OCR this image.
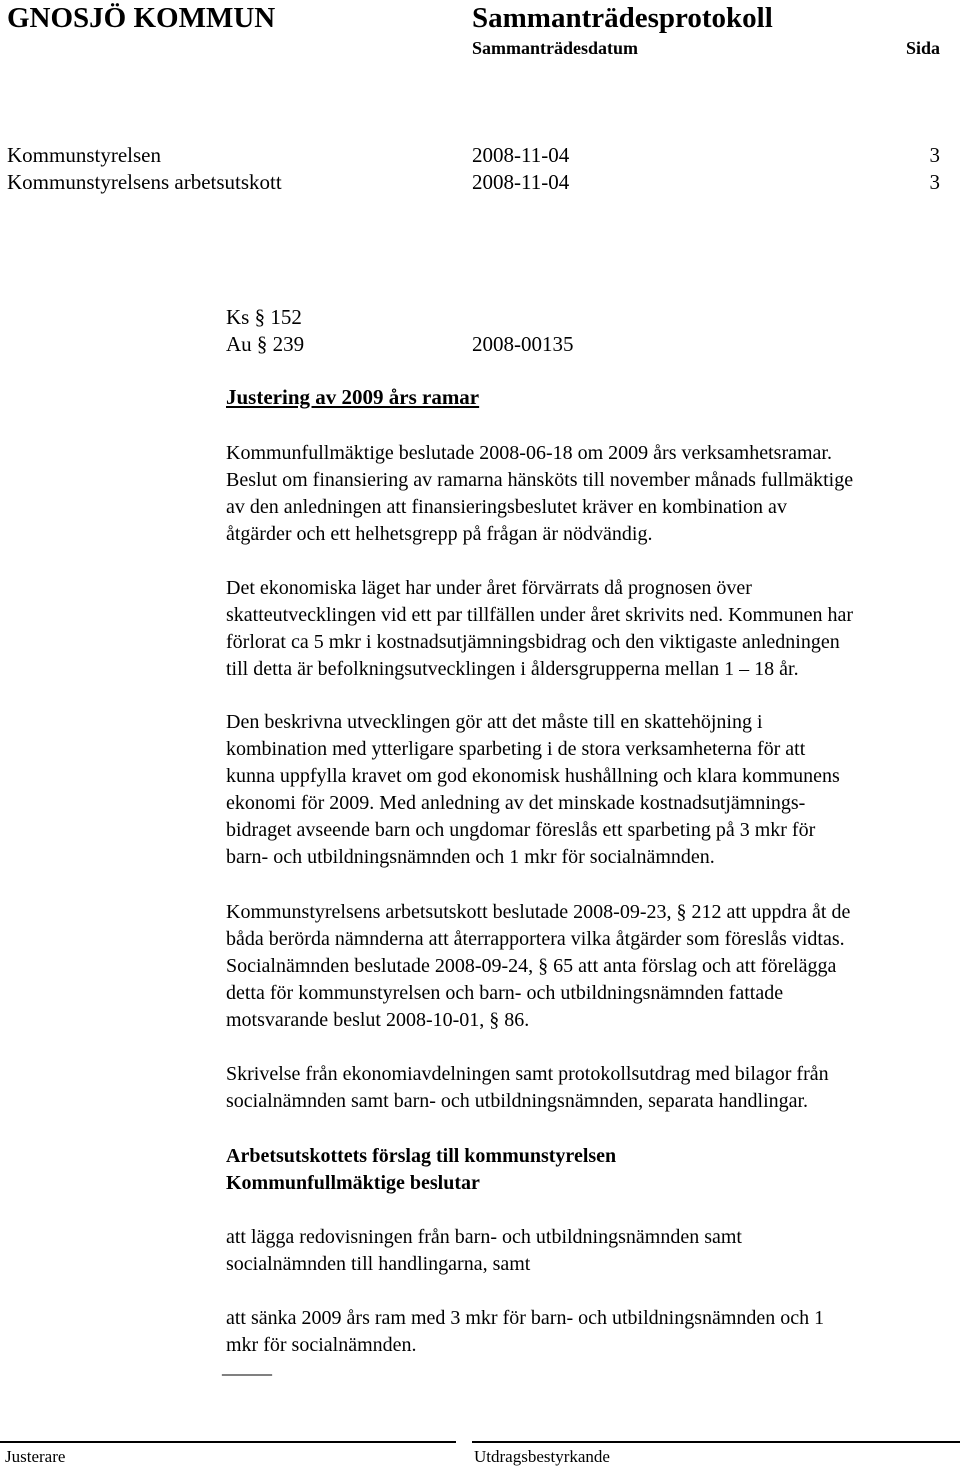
GNOSJÖ KOMMUN	Sammanträdesprotokoll
Sammanträdesdatum	Sida
Kommunstyrelsen	2008-11-04	3
Kommunstyrelsens arbetsutskott	2008-11-04	3
Ks § 152
Au § 239	2008-00135
Justering av 2009 års ramar
Kommunfullmäktige beslutade 2008-06-18 om 2009 års verksamhetsramar.
Beslut om finansiering av ramarna hänsköts till november månads fullmäktige
av den anledningen att finansieringsbeslutet kräver en kombination av
åtgärder och ett helhetsgrepp på frågan är nödvändig.
Det ekonomiska läget har under året förvärrats då prognosen över
skatteutvecklingen vid ett par tillfällen under året skrivits ned. Kommunen har
förlorat ca 5 mkr i kostnadsutjämningsbidrag och den viktigaste anledningen
till detta är befolkningsutvecklingen i åldersgrupperna mellan 1 – 18 år.
Den beskrivna utvecklingen gör att det måste till en skattehöjning i
kombination med ytterligare sparbeting i de stora verksamheterna för att
kunna uppfylla kravet om god ekonomisk hushållning och klara kommunens
ekonomi för 2009. Med anledning av det minskade kostnadsutjämnings-
bidraget avseende barn och ungdomar föreslås ett sparbeting på 3 mkr för
barn- och utbildningsnämnden och 1 mkr för socialnämnden.
Kommunstyrelsens arbetsutskott beslutade 2008-09-23, § 212 att uppdra åt de
båda berörda nämnderna att återrapportera vilka åtgärder som föreslås vidtas.
Socialnämnden beslutade 2008-09-24, § 65 att anta förslag och att förelägga
detta för kommunstyrelsen och barn- och utbildningsnämnden fattade
motsvarande beslut 2008-10-01, § 86.
Skrivelse från ekonomiavdelningen samt protokollsutdrag med bilagor från
socialnämnden samt barn- och utbildningsnämnden, separata handlingar.
Arbetsutskottets förslag till kommunstyrelsen
Kommunfullmäktige beslutar
att lägga redovisningen från barn- och utbildningsnämnden samt
socialnämnden till handlingarna, samt
att sänka 2009 års ram med 3 mkr för barn- och utbildningsnämnden och 1
mkr för socialnämnden.
_____
Justerare	Utdragsbestyrkande
